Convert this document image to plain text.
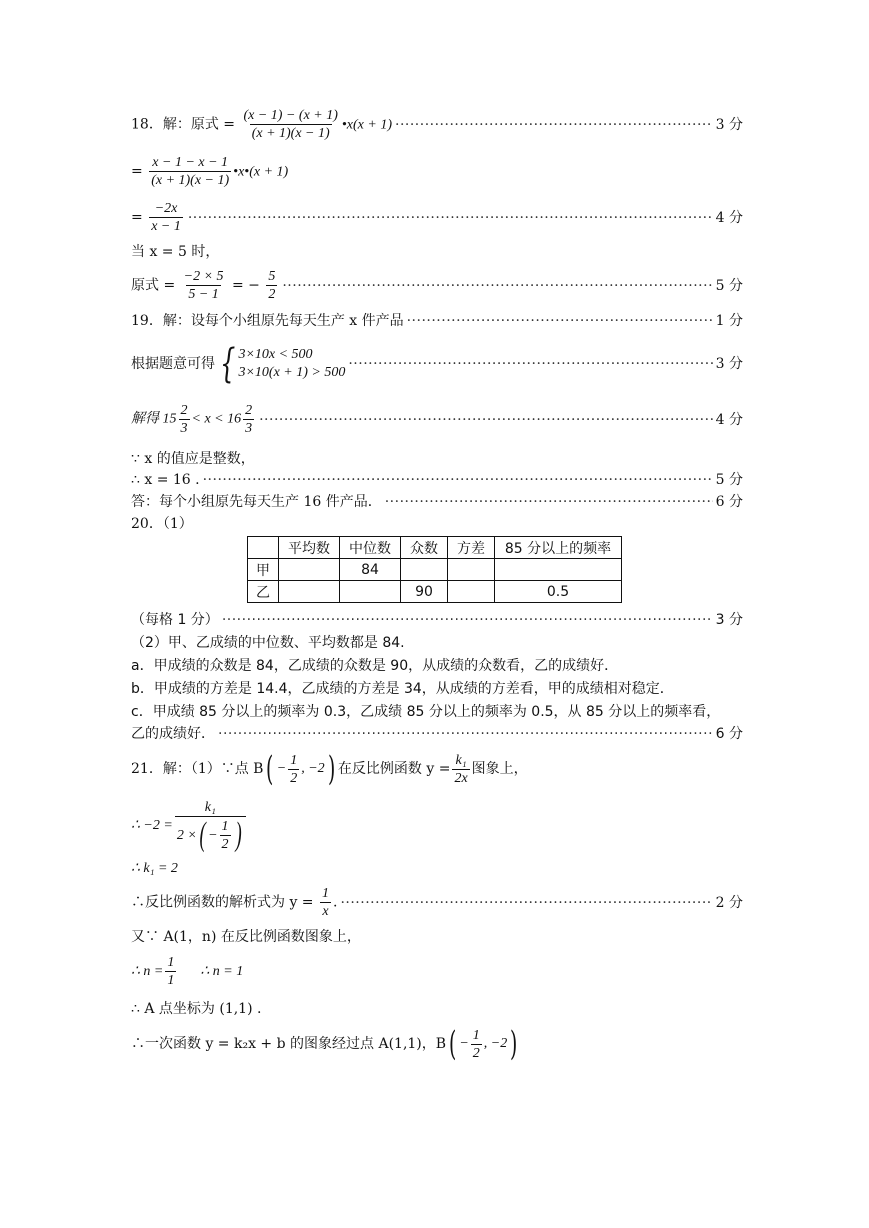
18．解：原式 = $\frac{(x - 1) - (x + 1)}{(x + 1)(x - 1)}$ •x(x + 1) ·····	3 分
= $\frac{x - 1 - x - 1}{(x + 1)(x - 1)}$ •x•(x + 1)
= $\frac{-2x}{x - 1}$ ·····	4 分
当 x = 5 时，
原式 = $\frac{-2 \times 5}{5 - 1}$ = − $\frac{5}{2}$ ·····	5 分
19．解：设每个小组原先每天生产 x 件产品 ·····	1 分
根据题意可得 { 3×10x < 500
3×10(x + 1) > 500
·····
3 分
解得 $15 \frac{2}{3} < x < 16 \frac{2}{3}$ ·····	4 分
∵ x 的值应是整数，
∴ x = 16 . ·····	5 分
答：每个小组原先每天生产 16 件产品． ·····	6 分
20．（1）
	平均数	中位数	众数	方差	85 分以上的频率
甲		84			
乙			90		0.5
（每格 1 分） ·····	3 分
（2）甲、乙成绩的中位数、平均数都是 84.
a．甲成绩的众数是 84，乙成绩的众数是 90，从成绩的众数看，乙的成绩好．
b．甲成绩的方差是 14.4，乙成绩的方差是 34，从成绩的方差看，甲的成绩相对稳定．
c．甲成绩 85 分以上的频率为 0.3，乙成绩 85 分以上的频率为 0.5，从 85 分以上的频率看，
乙的成绩好． ·····	6 分
21．解：（1）∵点 B ( − $\frac{1}{2}$ , −2 ) 在反比例函数 $y = \frac{\text{k₁}}{2x}$ 图象上，
∴ $-2 = \frac{\text{k₁}}{2 \times ( - \frac{1}{2} )}$
∴ k₁ = 2
∴反比例函数的解析式为 $y = \frac{1}{x}$ . ·····	2 分
又∵ A(1，n) 在反比例函数图象上，
∴ $n = \frac{1}{1}$ ∴ n = 1
∴ A 点坐标为 (1,1) .
∴一次函数 y = k₂x + b 的图象经过点 A(1,1)，B ( − $\frac{1}{2}$ , −2 )
